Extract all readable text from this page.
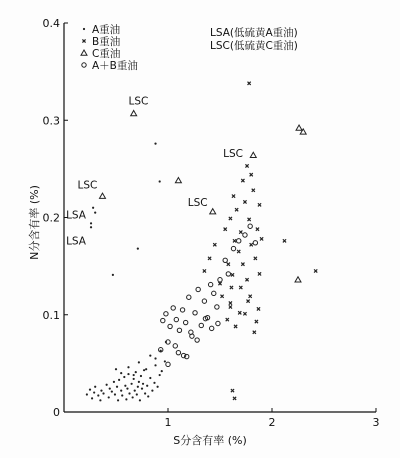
1	2	3
0
0.1
0.2
0.3
0.4
S分含有率 (%)
N分含有率 (%)
A重油
B重油
C重油
A＋B重油
LSA(低硫黄A重油)
LSC(低硫黄C重油)
LSC
LSC
LSC
LSC
LSA
LSA
